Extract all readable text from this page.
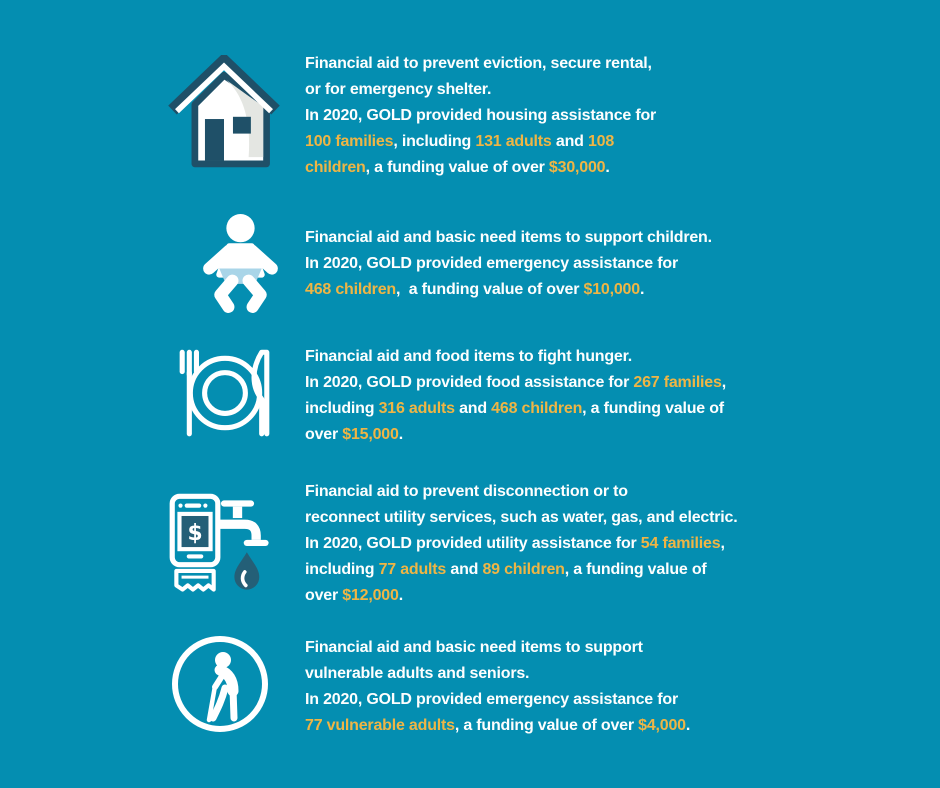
Financial aid to prevent eviction, secure rental,
or for emergency shelter.
In 2020, GOLD provided housing assistance for
100 families, including 131 adults and 108
children, a funding value of over $30,000.
Financial aid and basic need items to support children.
In 2020, GOLD provided emergency assistance for
468 children,  a funding value of over $10,000.
Financial aid and food items to fight hunger.
In 2020, GOLD provided food assistance for 267 families,
including 316 adults and 468 children, a funding value of
over $15,000.
$
Financial aid to prevent disconnection or to
reconnect utility services, such as water, gas, and electric.
In 2020, GOLD provided utility assistance for 54 families,
including 77 adults and 89 children, a funding value of
over $12,000.
Financial aid and basic need items to support
vulnerable adults and seniors.
In 2020, GOLD provided emergency assistance for
77 vulnerable adults, a funding value of over $4,000.
